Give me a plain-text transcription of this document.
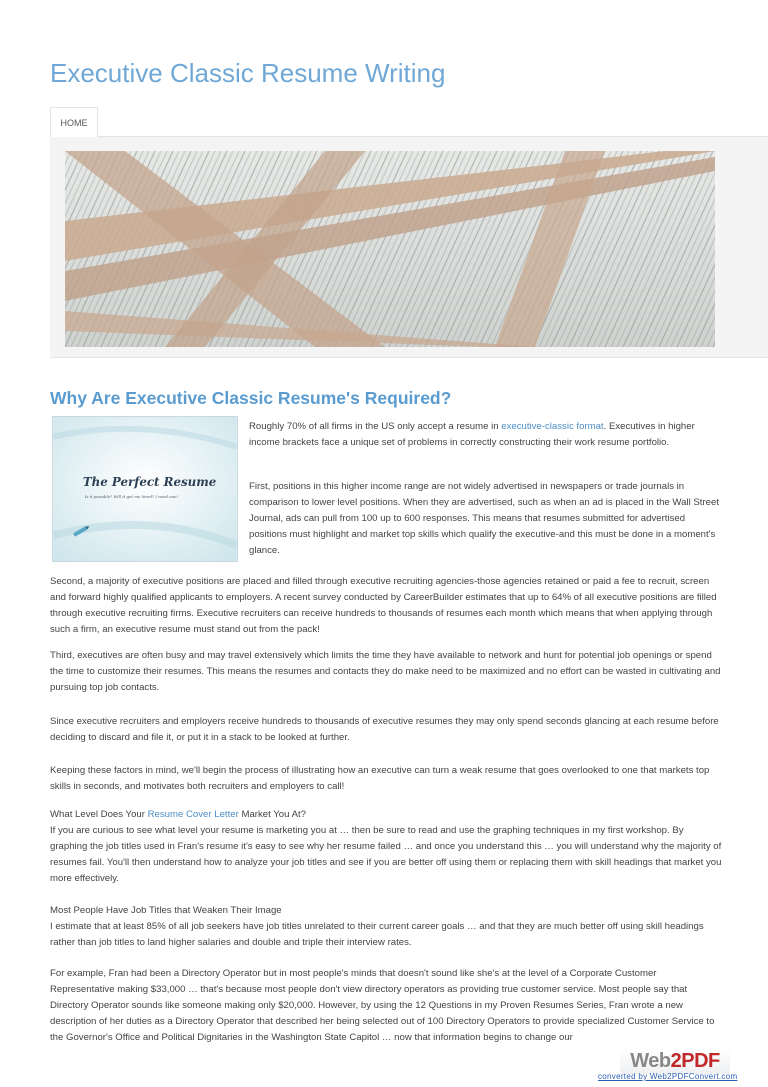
Executive Classic Resume Writing
HOME
Why Are Executive Classic Resume's Required?
The Perfect Resume
Is it possible? Will it get me hired? I need one!
Roughly 70% of all firms in the US only accept a resume in executive-classic format. Executives in higher income brackets face a unique set of problems in correctly constructing their work resume portfolio.
First, positions in this higher income range are not widely advertised in newspapers or trade journals in comparison to lower level positions. When they are advertised, such as when an ad is placed in the Wall Street Journal, ads can pull from 100 up to 600 responses. This means that resumes submitted for advertised positions must highlight and market top skills which qualify the executive-and this must be done in a moment's glance.
Second, a majority of executive positions are placed and filled through executive recruiting agencies-those agencies retained or paid a fee to recruit, screen and forward highly qualified applicants to employers. A recent survey conducted by CareerBuilder estimates that up to 64% of all executive positions are filled through executive recruiting firms. Executive recruiters can receive hundreds to thousands of resumes each month which means that when applying through such a firm, an executive resume must stand out from the pack!
Third, executives are often busy and may travel extensively which limits the time they have available to network and hunt for potential job openings or spend the time to customize their resumes. This means the resumes and contacts they do make need to be maximized and no effort can be wasted in cultivating and pursuing top job contacts.
Since executive recruiters and employers receive hundreds to thousands of executive resumes they may only spend seconds glancing at each resume before deciding to discard and file it, or put it in a stack to be looked at further.
Keeping these factors in mind, we'll begin the process of illustrating how an executive can turn a weak resume that goes overlooked to one that markets top skills in seconds, and motivates both recruiters and employers to call!
What Level Does Your Resume Cover Letter Market You At?
If you are curious to see what level your resume is marketing you at … then be sure to read and use the graphing techniques in my first workshop. By graphing the job titles used in Fran's resume it's easy to see why her resume failed … and once you understand this … you will understand why the majority of resumes fail. You'll then understand how to analyze your job titles and see if you are better off using them or replacing them with skill headings that market you more effectively.
Most People Have Job Titles that Weaken Their Image
I estimate that at least 85% of all job seekers have job titles unrelated to their current career goals … and that they are much better off using skill headings rather than job titles to land higher salaries and double and triple their interview rates.
For example, Fran had been a Directory Operator but in most people's minds that doesn't sound like she's at the level of a Corporate Customer Representative making $33,000 … that's because most people don't view directory operators as providing true customer service. Most people say that Directory Operator sounds like someone making only $20,000. However, by using the 12 Questions in my Proven Resumes Series, Fran wrote a new description of her duties as a Directory Operator that described her being selected out of 100 Directory Operators to provide specialized Customer Service to the Governor's Office and Political Dignitaries in the Washington State Capitol … now that information begins to change our
Web 2 PDF
converted by Web2PDFConvert.com
